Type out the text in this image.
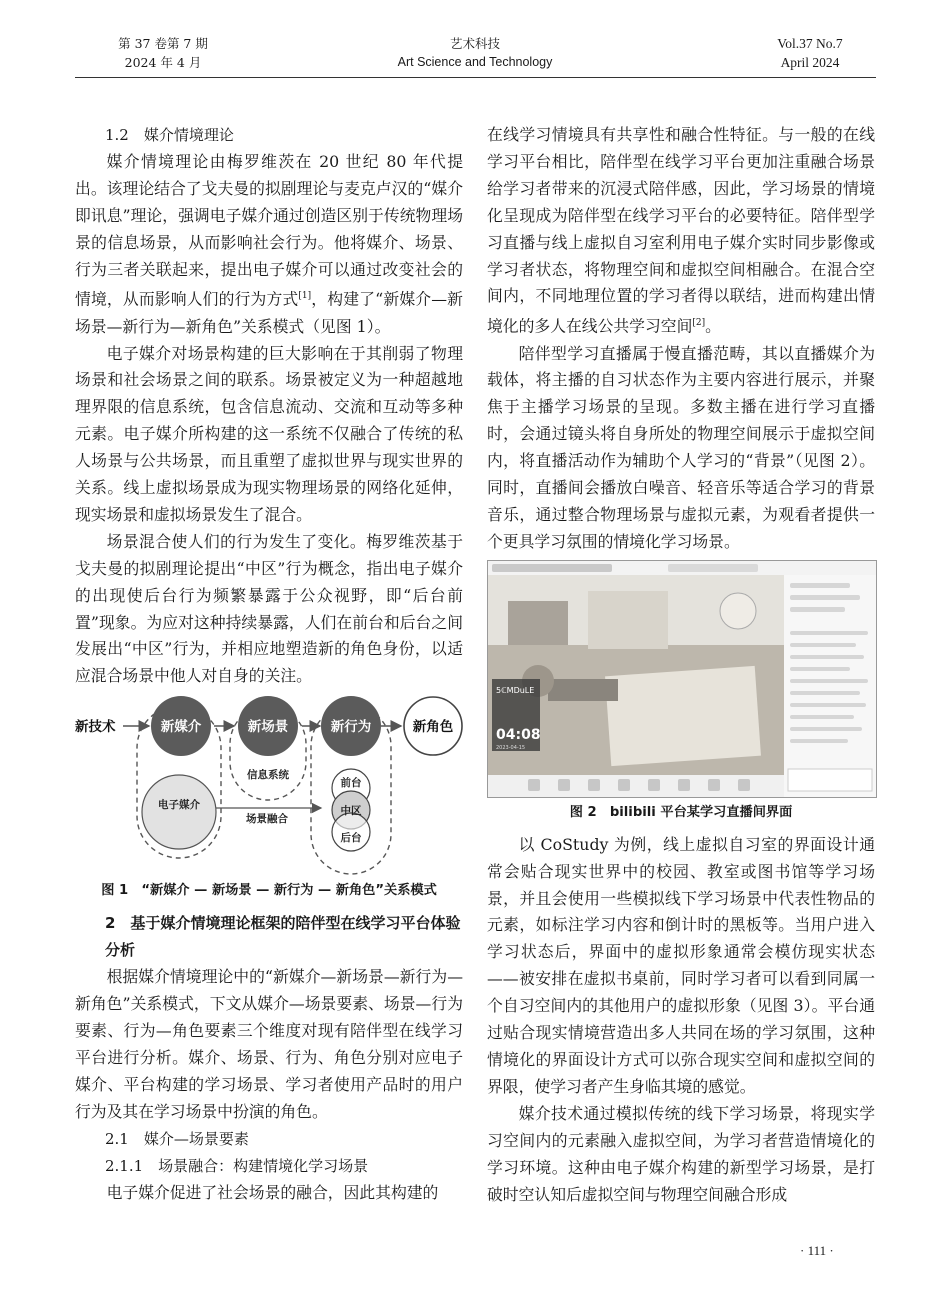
第 37 卷第 7 期
2024 年 4 月
艺术科技
Art Science and Technology
Vol.37 No.7
April 2024

1.2　媒介情境理论

媒介情境理论由梅罗维茨在 20 世纪 80 年代提出。该理论结合了戈夫曼的拟剧理论与麦克卢汉的“媒介即讯息”理论，强调电子媒介通过创造区别于传统物理场景的信息场景，从而影响社会行为。他将媒介、场景、行为三者关联起来，提出电子媒介可以通过改变社会的情境，从而影响人们的行为方式[1]，构建了“新媒介—新场景—新行为—新角色”关系模式（见图 1）。

电子媒介对场景构建的巨大影响在于其削弱了物理场景和社会场景之间的联系。场景被定义为一种超越地理界限的信息系统，包含信息流动、交流和互动等多种元素。电子媒介所构建的这一系统不仅融合了传统的私人场景与公共场景，而且重塑了虚拟世界与现实世界的关系。线上虚拟场景成为现实物理场景的网络化延伸，现实场景和虚拟场景发生了混合。

场景混合使人们的行为发生了变化。梅罗维茨基于戈夫曼的拟剧理论提出“中区”行为概念，指出电子媒介的出现使后台行为频繁暴露于公众视野，即“后台前置”现象。为应对这种持续暴露，人们在前台和后台之间发展出“中区”行为，并相应地塑造新的角色身份，以适应混合场景中他人对自身的关注。

新技术	新媒介	新场景	新行为	新角色
信息系统
电子媒介
场景融合
前台
中区
后台

图 1　“新媒介 — 新场景 — 新行为 — 新角色”关系模式

2　基于媒介情境理论框架的陪伴型在线学习平台体验分析

根据媒介情境理论中的“新媒介—新场景—新行为—新角色”关系模式，下文从媒介—场景要素、场景—行为要素、行为—角色要素三个维度对现有陪伴型在线学习平台进行分析。媒介、场景、行为、角色分别对应电子媒介、平台构建的学习场景、学习者使用产品时的用户行为及其在学习场景中扮演的角色。

2.1　媒介—场景要素

2.1.1　场景融合：构建情境化学习场景

电子媒介促进了社会场景的融合，因此其构建的

在线学习情境具有共享性和融合性特征。与一般的在线学习平台相比，陪伴型在线学习平台更加注重融合场景给学习者带来的沉浸式陪伴感，因此，学习场景的情境化呈现成为陪伴型在线学习平台的必要特征。陪伴型学习直播与线上虚拟自习室利用电子媒介实时同步影像或学习者状态，将物理空间和虚拟空间相融合。在混合空间内，不同地理位置的学习者得以联结，进而构建出情境化的多人在线公共学习空间[2]。

陪伴型学习直播属于慢直播范畴，其以直播媒介为载体，将主播的自习状态作为主要内容进行展示，并聚焦于主播学习场景的呈现。多数主播在进行学习直播时，会通过镜头将自身所处的物理空间展示于虚拟空间内，将直播活动作为辅助个人学习的“背景”（见图 2）。同时，直播间会播放白噪音、轻音乐等适合学习的背景音乐，通过整合物理场景与虚拟元素，为观看者提供一个更具学习氛围的情境化学习场景。

5ℂMDuLE
04:08
2023-04-15

图 2　bilibili 平台某学习直播间界面

以 CoStudy 为例，线上虚拟自习室的界面设计通常会贴合现实世界中的校园、教室或图书馆等学习场景，并且会使用一些模拟线下学习场景中代表性物品的元素，如标注学习内容和倒计时的黑板等。当用户进入学习状态后，界面中的虚拟形象通常会模仿现实状态——被安排在虚拟书桌前，同时学习者可以看到同属一个自习空间内的其他用户的虚拟形象（见图 3）。平台通过贴合现实情境营造出多人共同在场的学习氛围，这种情境化的界面设计方式可以弥合现实空间和虚拟空间的界限，使学习者产生身临其境的感觉。

媒介技术通过模拟传统的线下学习场景，将现实学习空间内的元素融入虚拟空间，为学习者营造情境化的学习环境。这种由电子媒介构建的新型学习场景，是打破时空认知后虚拟空间与物理空间融合形成

· 111 ·
